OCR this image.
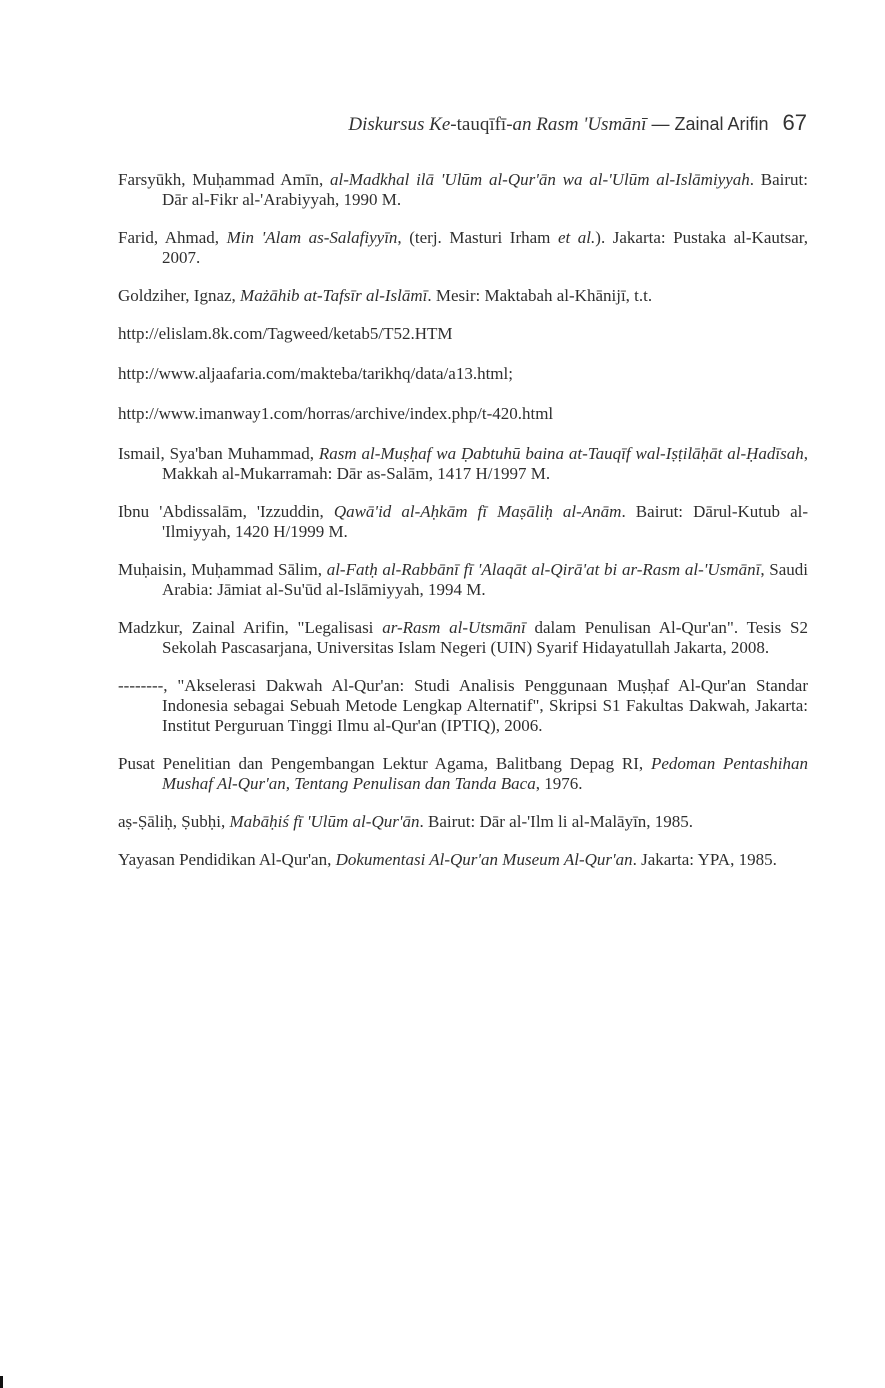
Diskursus Ke-tauqīfī-an Rasm 'Usmānī — Zainal Arifin 67
Farsyūkh, Muḥammad Amīn, al-Madkhal ilā 'Ulūm al-Qur'ān wa al-'Ulūm al-Islāmiyyah. Bairut: Dār al-Fikr al-'Arabiyyah, 1990 M.
Farid, Ahmad, Min 'Alam as-Salafiyyīn, (terj. Masturi Irham et al.). Jakarta: Pustaka al-Kautsar, 2007.
Goldziher, Ignaz, Mażāhib at-Tafsīr al-Islāmī. Mesir: Maktabah al-Khānijī, t.t.
http://elislam.8k.com/Tagweed/ketab5/T52.HTM
http://www.aljaafaria.com/makteba/tarikhq/data/a13.html;
http://www.imanway1.com/horras/archive/index.php/t-420.html
Ismail, Sya'ban Muhammad, Rasm al-Muṣḥaf wa Ḍabtuhū baina at-Tauqīf wal-Iṣṭilāḥāt al-Ḥadīsah, Makkah al-Mukarramah: Dār as-Salām, 1417 H/1997 M.
Ibnu 'Abdissalām, 'Izzuddin, Qawā'id al-Aḥkām fī Maṣāliḥ al-Anām. Bairut: Dārul-Kutub al-'Ilmiyyah, 1420 H/1999 M.
Muḥaisin, Muḥammad Sālim, al-Fatḥ al-Rabbānī fī 'Alaqāt al-Qirā'at bi ar-Rasm al-'Usmānī, Saudi Arabia: Jāmiat al-Su'ūd al-Islāmiyyah, 1994 M.
Madzkur, Zainal Arifin, "Legalisasi ar-Rasm al-Utsmānī dalam Penulisan Al-Qur'an". Tesis S2 Sekolah Pascasarjana, Universitas Islam Negeri (UIN) Syarif Hidayatullah Jakarta, 2008.
--------, "Akselerasi Dakwah Al-Qur'an: Studi Analisis Penggunaan Muṣḥaf Al-Qur'an Standar Indonesia sebagai Sebuah Metode Lengkap Alternatif", Skripsi S1 Fakultas Dakwah, Jakarta: Institut Perguruan Tinggi Ilmu al-Qur'an (IPTIQ), 2006.
Pusat Penelitian dan Pengembangan Lektur Agama, Balitbang Depag RI, Pedoman Pentashihan Mushaf Al-Qur'an, Tentang Penulisan dan Tanda Baca, 1976.
aṣ-Ṣāliḥ, Ṣubḥi, Mabāḥiś fī 'Ulūm al-Qur'ān. Bairut: Dār al-'Ilm li al-Malāyīn, 1985.
Yayasan Pendidikan Al-Qur'an, Dokumentasi Al-Qur'an Museum Al-Qur'an. Jakarta: YPA, 1985.
